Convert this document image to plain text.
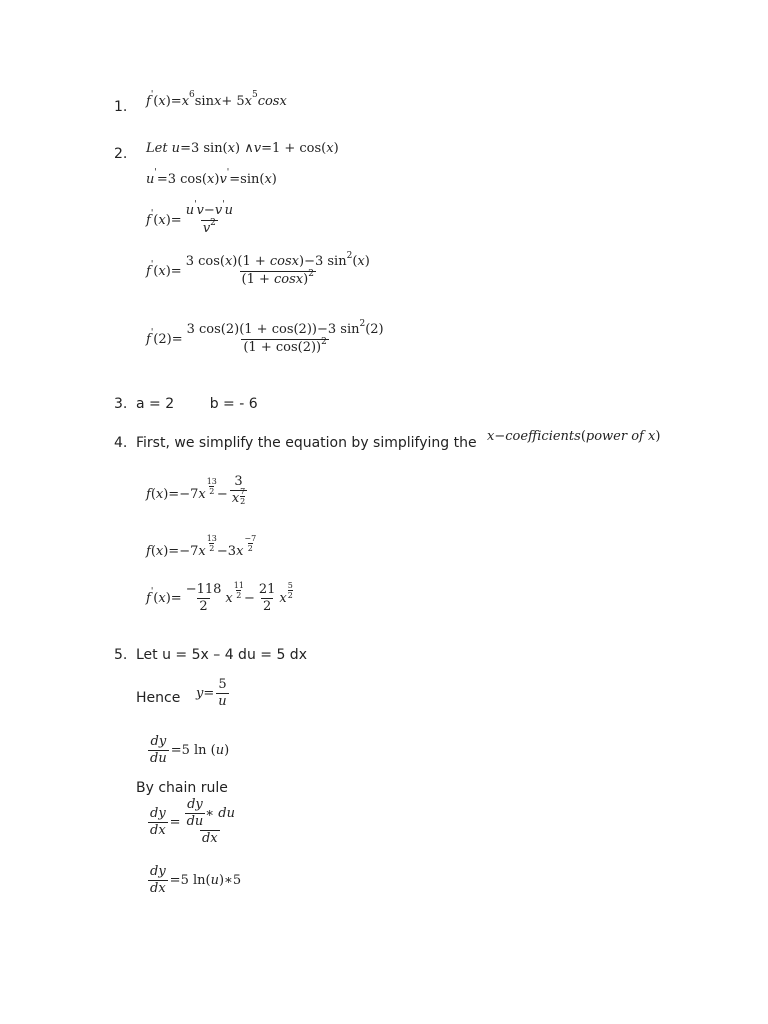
1. f ' ( x )= x 6 sin x + 5 x 5 cosx
2. Let u =3 sin( x ) ∧ v =1 + cos( x )
u ' =3 cos( x ) v ' =sin( x )
f ' ( x )= $\frac{u'v-v'u}{v^2}$
f ' ( x )= $\frac{3 \cos(x)(1 + \cos x)-3 \sin^2(x)}{(1 + \cos x)^2}$
f ' $(2)= \frac{3 \cos(2)(1 + \cos(2))-3 \sin^2(2)}{(1 + \cos(2))^2}$
3. a = 2        b = - 6
4. First, we simplify the equation by simplifying the x − coefficients ( power of x )
f ( x )=−7 x
13
$2 - \frac{3}{x \frac{7}{2}}$
f ( x )=−7 x
13
2 −3 x
−7
2
f ' ( x )= $\frac{-118}{2}$ x
11
$2 - \frac{21}{2}$ x
5
2
5. Let u = 5x – 4 du = 5 dx
Hence $y = \frac{5}{u}$
$\frac{dy}{du} =5$ ln ( u )
By chain rule
$\frac{dy}{dx} = \frac{\frac{dy}{du} ∗ du}{dx}$
$\frac{dy}{dx} =5$ ln( u )∗5
